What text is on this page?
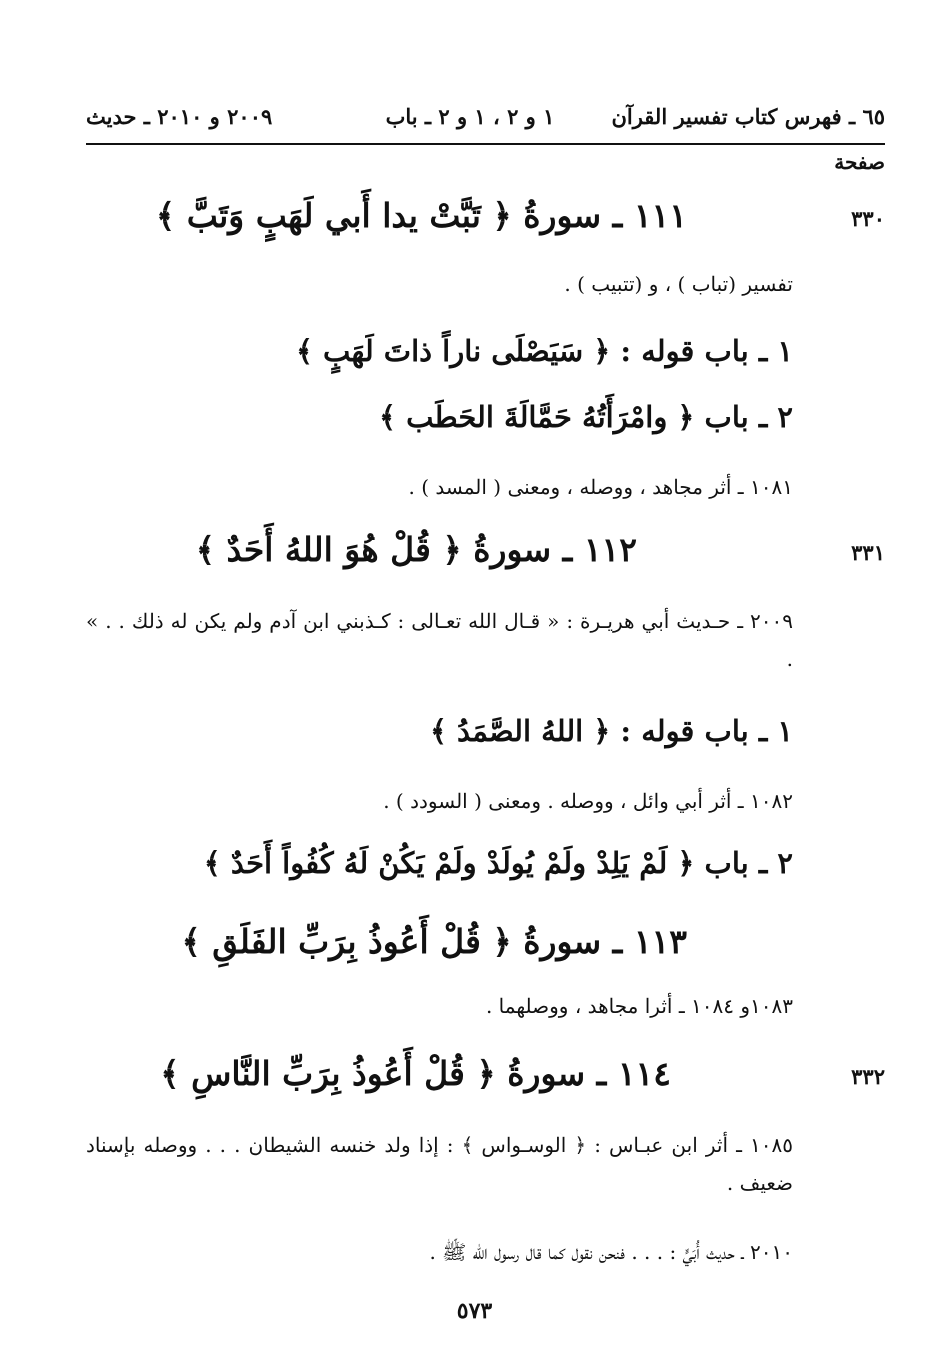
٦٥ ـ فهرس كتاب تفسير القرآن
١ و ٢ ، ١ و ٢ ـ باب
٢٠٠٩ و ٢٠١٠ ـ حديث
صفحة
٣٣٠
١١١ ـ سورةُ ﴿ تَبَّتْ يدا أَبي لَهَبٍ وَتَبَّ ﴾
تفسير (تباب ) ، و (تتبيب ) .
١ ـ باب قوله : ﴿ سَيَصْلَى ناراً ذاتَ لَهَبٍ ﴾
٢ ـ باب ﴿ وامْرَأَتُهُ حَمَّالَةَ الحَطَب ﴾
١٠٨١ ـ أثر مجاهد ، ووصله ، ومعنى ( المسد ) .
٣٣١
١١٢ ـ سورةُ ﴿ قُلْ هُوَ اللهُ أَحَدٌ ﴾
٢٠٠٩ ـ حـديث أبي هريـرة : « قـال الله تعـالى : كـذبني ابن آدم ولم يكن له ذلك . . » .
١ ـ باب قوله : ﴿ اللهُ الصَّمَدُ ﴾
١٠٨٢ ـ أثر أبي وائل ، ووصله . ومعنى ( السودد ) .
٢ ـ باب ﴿ لَمْ يَلِدْ ولَمْ يُولَدْ ولَمْ يَكُنْ لَهُ كُفُواً أَحَدٌ ﴾
١١٣ ـ سورةُ ﴿ قُلْ أَعُوذُ بِرَبِّ الفَلَقِ ﴾
١٠٨٣و ١٠٨٤ ـ أثرا مجاهد ، ووصلهما .
٣٣٢
١١٤ ـ سورةُ ﴿ قُلْ أَعُوذُ بِرَبِّ النَّاسِ ﴾
١٠٨٥ ـ أثر ابن عبـاس : ﴿ الوسـواس ﴾ : إذا ولد خنسه الشيطان . . . ووصله بإسناد ضعيف .
٢٠١٠ ـ حديث أُبَيٍّ : . . . فنحن نقول كما قال رسول الله ﷺ .
٥٧٣
